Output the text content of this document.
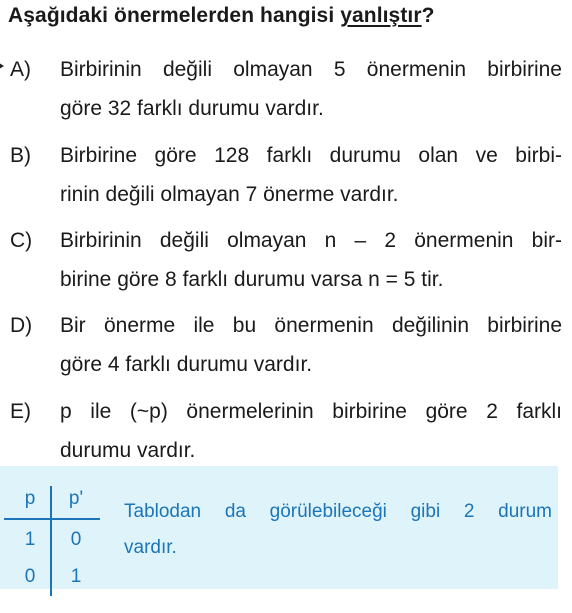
Aşağıdaki önermelerden hangisi yanlıştır?
A) Birbirinin değili olmayan 5 önermenin birbirine
göre 32 farklı durumu vardır.
B) Birbirine göre 128 farklı durumu olan ve birbi-
rinin değili olmayan 7 önerme vardır.
C) Birbirinin değili olmayan n – 2 önermenin bir-
birine göre 8 farklı durumu varsa n = 5 tir.
D) Bir önerme ile bu önermenin değilinin birbirine
göre 4 farklı durumu vardır.
E) p ile (~p) önermelerinin birbirine göre 2 farklı
durumu vardır.
p	p'
1	0
0	1
Tablodan da görülebileceği gibi 2 durum
vardır.
